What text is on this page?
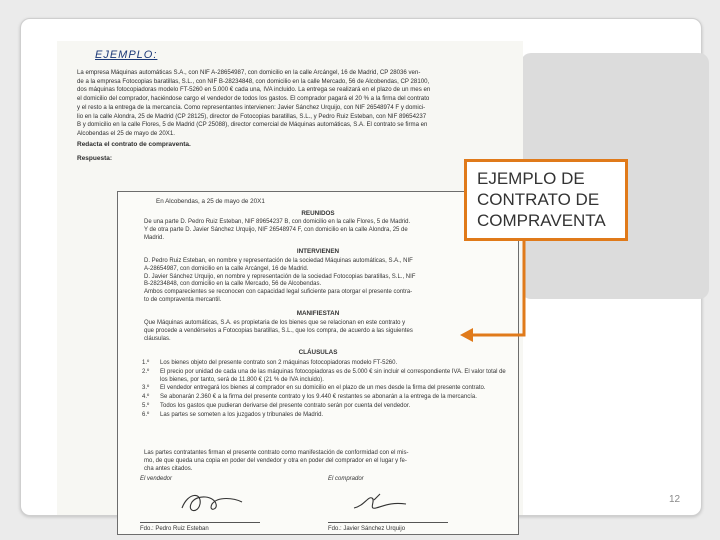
EJEMPLO:

La empresa Máquinas automáticas S.A., con NIF A-28654987, con domicilio en la calle Arcángel, 16 de Madrid, CP 28036 ven-

de a la empresa Fotocopias baratillas, S.L., con NIF B-28234848, con domicilio en la calle Mercado, 56 de Alcobendas, CP 28100,

dos máquinas fotocopiadoras modelo FT-5260 en 5.000 € cada una, IVA incluido. La entrega se realizará en el plazo de un mes en

el domicilio del comprador, haciéndose cargo el vendedor de todos los gastos. El comprador pagará el 20 % a la firma del contrato

y el resto a la entrega de la mercancía. Como representantes intervienen: Javier Sánchez Urquijo, con NIF 26548974 F y domici-

lio en la calle Alondra, 25 de Madrid (CP 28125), director de Fotocopias baratillas, S.L., y Pedro Ruiz Esteban, con NIF 89654237

B y domicilio en la calle Flores, 5 de Madrid (CP 25088), director comercial de Máquinas automáticas, S.A. El contrato se firma en

Alcobendas el 25 de mayo de 20X1.

Redacta el contrato de compraventa.
Respuesta:
En Alcobendas, a 25 de mayo de 20X1
REUNIDOS

De una parte D. Pedro Ruiz Esteban, NIF 89654237 B, con domicilio en la calle Flores, 5 de Madrid.

Y de otra parte D. Javier Sánchez Urquijo, NIF 26548974 F, con domicilio en la calle Alondra, 25 de

Madrid.

INTERVIENEN

D. Pedro Ruiz Esteban, en nombre y representación de la sociedad Máquinas automáticas, S.A., NIF

A-28654987, con domicilio en la calle Arcángel, 16 de Madrid.

D. Javier Sánchez Urquijo, en nombre y representación de la sociedad Fotocopias baratillas, S.L., NIF

B-28234848, con domicilio en la calle Mercado, 56 de Alcobendas.

Ambos comparecientes se reconocen con capacidad legal suficiente para otorgar el presente contra-

to de compraventa mercantil.

MANIFIESTAN

Que Máquinas automáticas, S.A. es propietaria de los bienes que se relacionan en este contrato y

que procede a vendérselos a Fotocopias baratillas, S.L., que los compra, de acuerdo a las siguientes

cláusulas.

CLÁUSULAS
1.º	Los bienes objeto del presente contrato son 2 máquinas fotocopiadoras modelo FT-5260.
2.º	El precio por unidad de cada una de las máquinas fotocopiadoras es de 5.000 € sin incluir el correspondiente IVA. El valor total de los bienes, por tanto, será de 11.800 € (21 % de IVA incluido).
3.º	El vendedor entregará los bienes al comprador en su domicilio en el plazo de un mes desde la firma del presente contrato.
4.º	Se abonarán 2.360 € a la firma del presente contrato y los 9.440 € restantes se abonarán a la entrega de la mercancía.
5.º	Todos los gastos que pudieran derivarse del presente contrato serán por cuenta del vendedor.
6.º	Las partes se someten a los juzgados y tribunales de Madrid.

Las partes contratantes firman el presente contrato como manifestación de conformidad con el mis-

mo, de que queda una copia en poder del vendedor y otra en poder del comprador en el lugar y fe-

cha antes citados.

El vendedor	El comprador
Fdo.: Pedro Ruiz Esteban	Fdo.: Javier Sánchez Urquijo
EJEMPLO DE
CONTRATO DE
COMPRAVENTA
12
